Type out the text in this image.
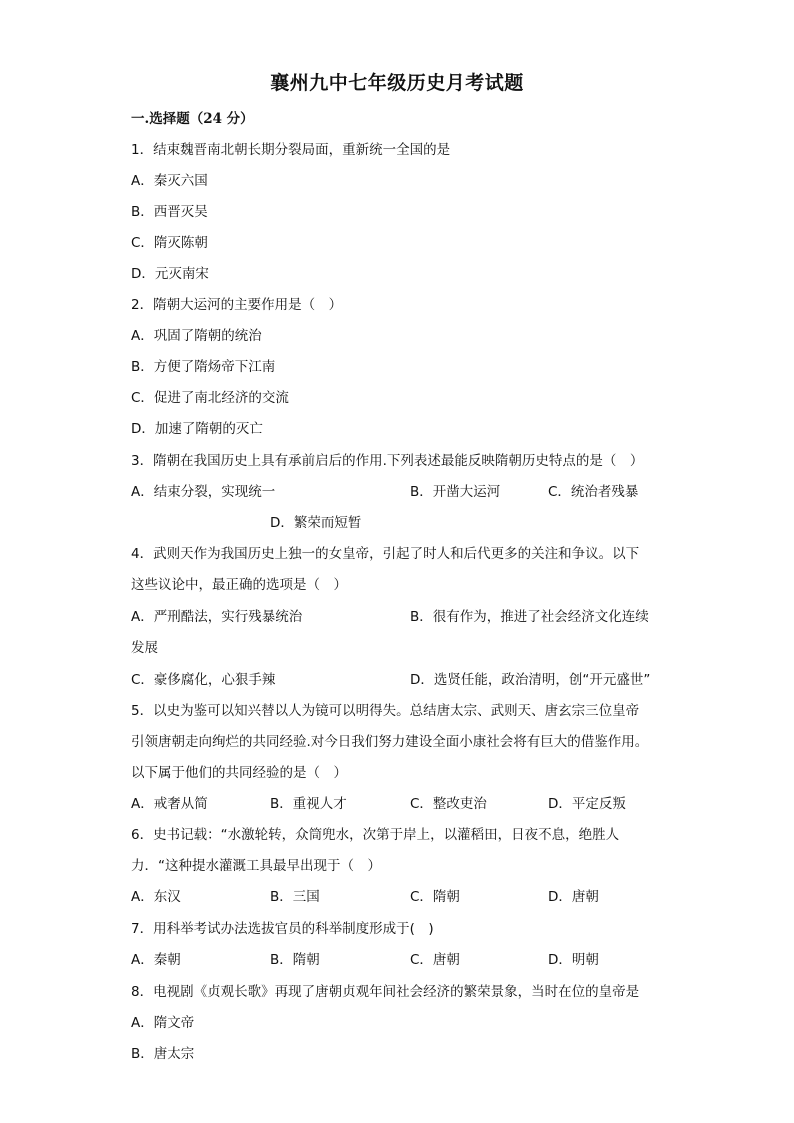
襄州九中七年级历史月考试题
一.选择题（24 分）
1．结束魏晋南北朝长期分裂局面，重新统一全国的是
A．秦灭六国
B．西晋灭吴
C．隋灭陈朝
D．元灭南宋
2．隋朝大运河的主要作用是（　）
A．巩固了隋朝的统治
B．方便了隋炀帝下江南
C．促进了南北经济的交流
D．加速了隋朝的灭亡
3．隋朝在我国历史上具有承前启后的作用.下列表述最能反映隋朝历史特点的是（　）
A．结束分裂，实现统一	B．开凿大运河	C．统治者残暴
D．繁荣而短暂
4．武则天作为我国历史上独一的女皇帝，引起了时人和后代更多的关注和争议。以下
这些议论中，最正确的选项是（　）
A．严刑酷法，实行残暴统治	B．很有作为，推进了社会经济文化连续
发展
C．豪侈腐化，心狠手辣	D．选贤任能，政治清明，创“开元盛世”
5．以史为鉴可以知兴替以人为镜可以明得失。总结唐太宗、武则天、唐玄宗三位皇帝
引领唐朝走向绚烂的共同经验.对今日我们努力建设全面小康社会将有巨大的借鉴作用。
以下属于他们的共同经验的是（　）
A．戒奢从简	B．重视人才	C．整改吏治	D．平定反叛
6．史书记载：“水激轮转，众筒兜水，次第于岸上，以灌稻田，日夜不息，绝胜人
力．“这种提水灌溉工具最早出现于（　）
A．东汉	B．三国	C．隋朝	D．唐朝
7．用科举考试办法选拔官员的科举制度形成于(　)
A．秦朝	B．隋朝	C．唐朝	D．明朝
8．电视剧《贞观长歌》再现了唐朝贞观年间社会经济的繁荣景象，当时在位的皇帝是
A．隋文帝
B．唐太宗
